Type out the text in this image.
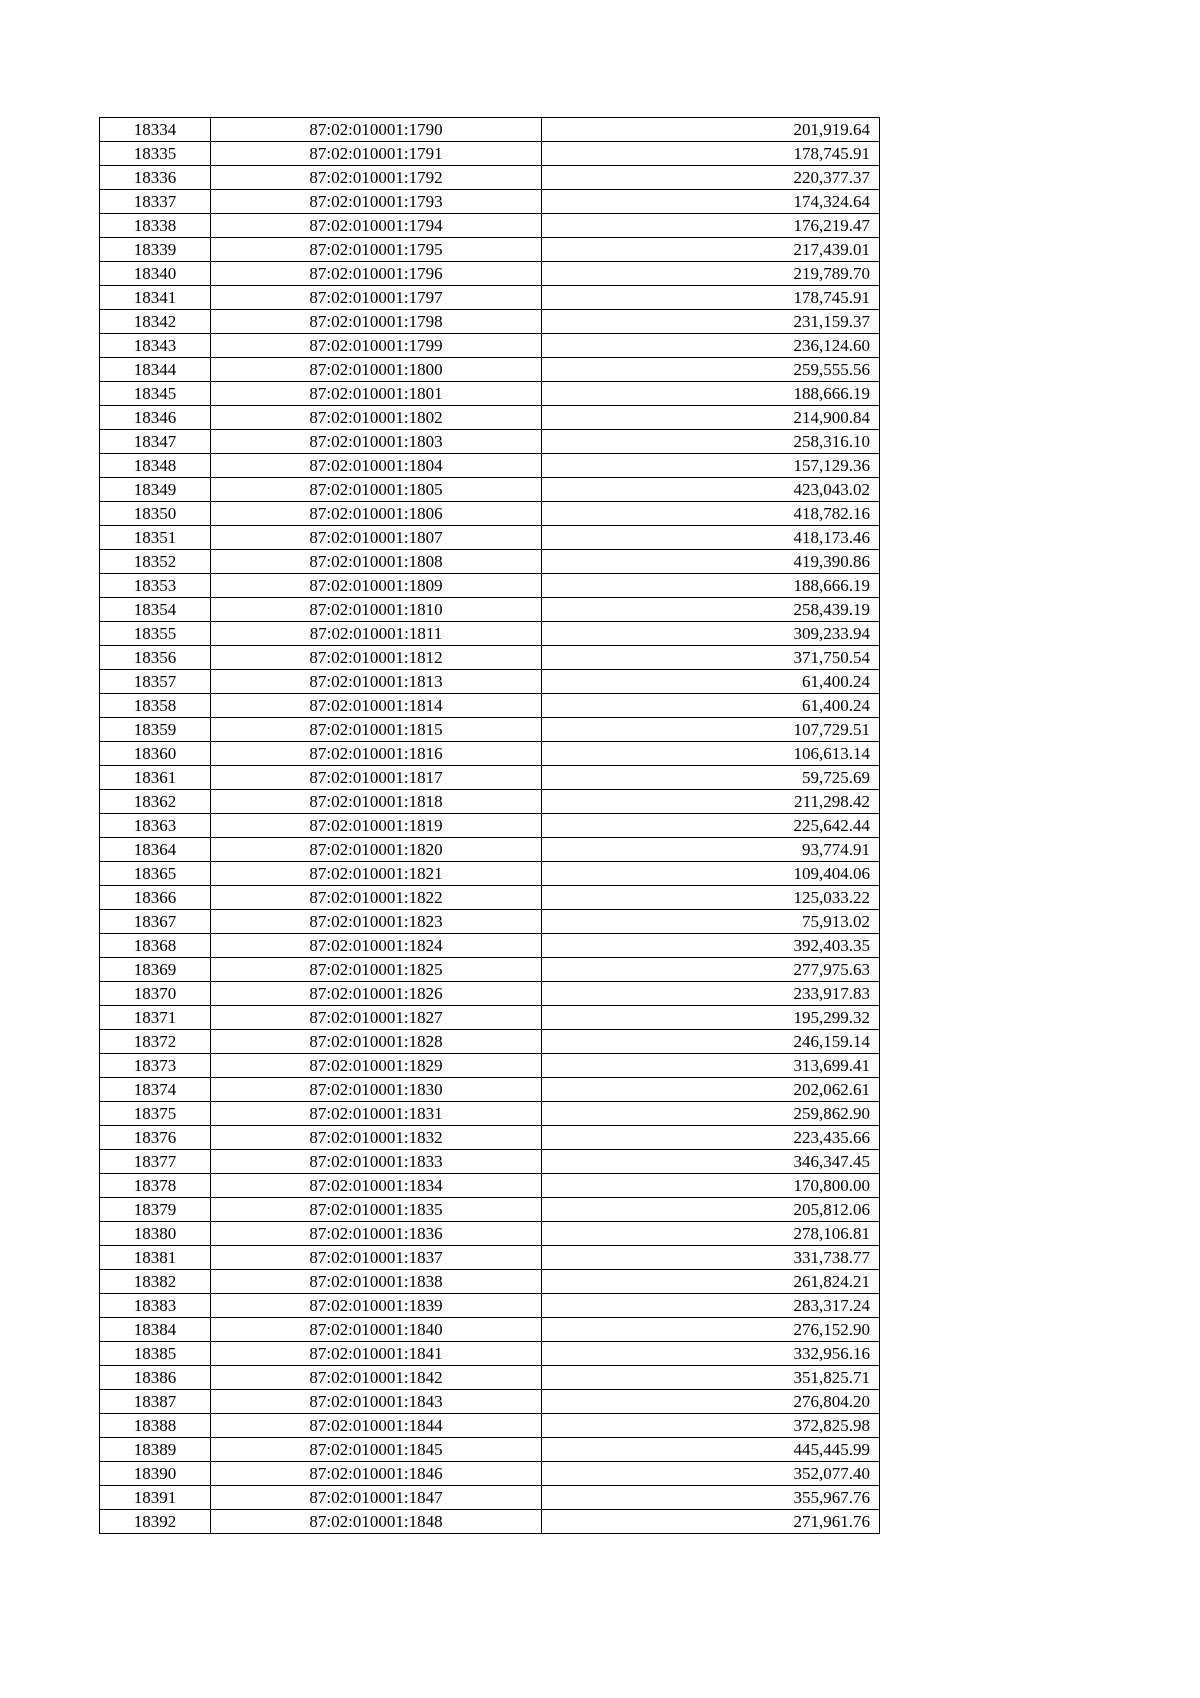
18334	87:02:010001:1790	201,919.64
18335	87:02:010001:1791	178,745.91
18336	87:02:010001:1792	220,377.37
18337	87:02:010001:1793	174,324.64
18338	87:02:010001:1794	176,219.47
18339	87:02:010001:1795	217,439.01
18340	87:02:010001:1796	219,789.70
18341	87:02:010001:1797	178,745.91
18342	87:02:010001:1798	231,159.37
18343	87:02:010001:1799	236,124.60
18344	87:02:010001:1800	259,555.56
18345	87:02:010001:1801	188,666.19
18346	87:02:010001:1802	214,900.84
18347	87:02:010001:1803	258,316.10
18348	87:02:010001:1804	157,129.36
18349	87:02:010001:1805	423,043.02
18350	87:02:010001:1806	418,782.16
18351	87:02:010001:1807	418,173.46
18352	87:02:010001:1808	419,390.86
18353	87:02:010001:1809	188,666.19
18354	87:02:010001:1810	258,439.19
18355	87:02:010001:1811	309,233.94
18356	87:02:010001:1812	371,750.54
18357	87:02:010001:1813	61,400.24
18358	87:02:010001:1814	61,400.24
18359	87:02:010001:1815	107,729.51
18360	87:02:010001:1816	106,613.14
18361	87:02:010001:1817	59,725.69
18362	87:02:010001:1818	211,298.42
18363	87:02:010001:1819	225,642.44
18364	87:02:010001:1820	93,774.91
18365	87:02:010001:1821	109,404.06
18366	87:02:010001:1822	125,033.22
18367	87:02:010001:1823	75,913.02
18368	87:02:010001:1824	392,403.35
18369	87:02:010001:1825	277,975.63
18370	87:02:010001:1826	233,917.83
18371	87:02:010001:1827	195,299.32
18372	87:02:010001:1828	246,159.14
18373	87:02:010001:1829	313,699.41
18374	87:02:010001:1830	202,062.61
18375	87:02:010001:1831	259,862.90
18376	87:02:010001:1832	223,435.66
18377	87:02:010001:1833	346,347.45
18378	87:02:010001:1834	170,800.00
18379	87:02:010001:1835	205,812.06
18380	87:02:010001:1836	278,106.81
18381	87:02:010001:1837	331,738.77
18382	87:02:010001:1838	261,824.21
18383	87:02:010001:1839	283,317.24
18384	87:02:010001:1840	276,152.90
18385	87:02:010001:1841	332,956.16
18386	87:02:010001:1842	351,825.71
18387	87:02:010001:1843	276,804.20
18388	87:02:010001:1844	372,825.98
18389	87:02:010001:1845	445,445.99
18390	87:02:010001:1846	352,077.40
18391	87:02:010001:1847	355,967.76
18392	87:02:010001:1848	271,961.76
